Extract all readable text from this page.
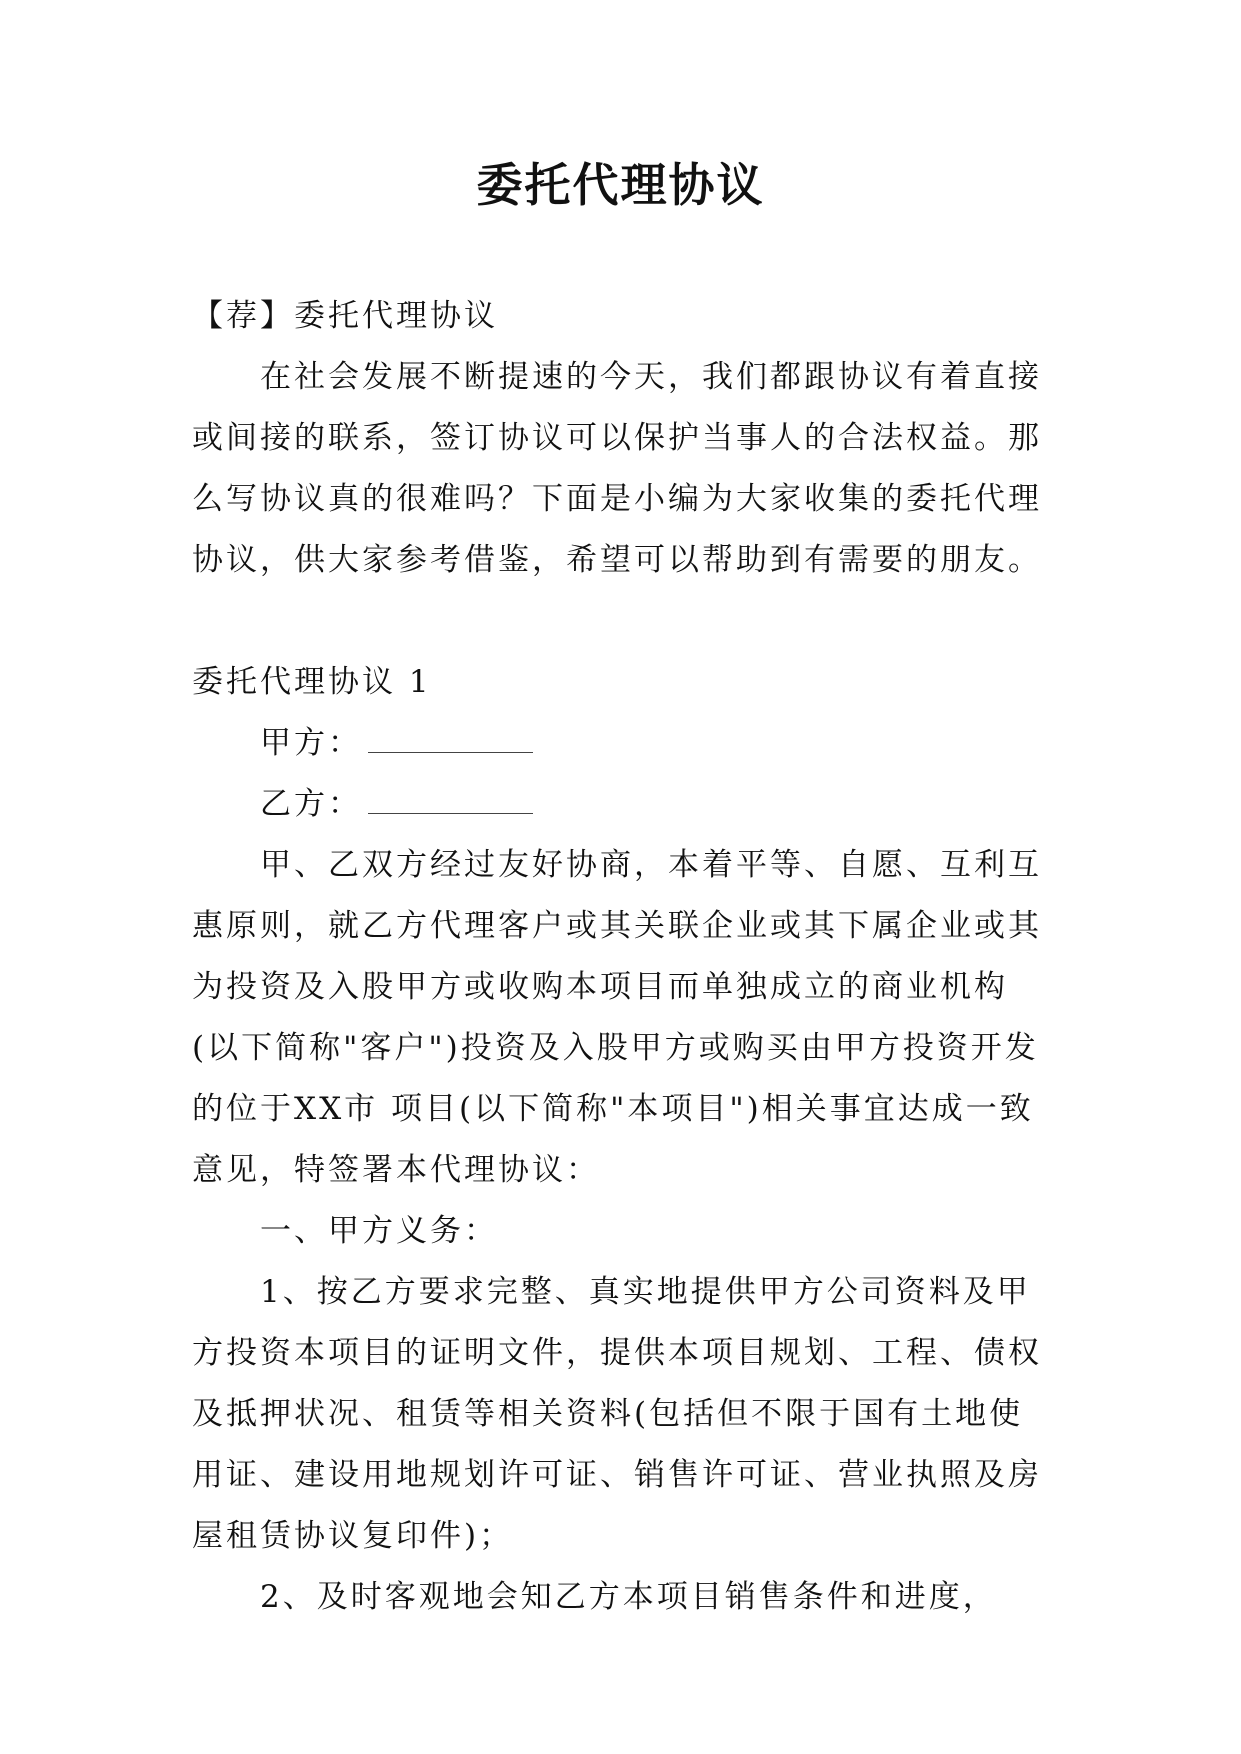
委托代理协议

【荐】委托代理协议

在社会发展不断提速的今天，我们都跟协议有着直接或间接的联系，签订协议可以保护当事人的合法权益。那么写协议真的很难吗？下面是小编为大家收集的委托代理协议，供大家参考借鉴，希望可以帮助到有需要的朋友。

委托代理协议 1

甲方：

乙方：

甲、乙双方经过友好协商，本着平等、自愿、互利互惠原则，就乙方代理客户或其关联企业或其下属企业或其为投资及入股甲方或收购本项目而单独成立的商业机构(以下简称"客户")投资及入股甲方或购买由甲方投资开发的位于XX市 项目(以下简称"本项目")相关事宜达成一致意见，特签署本代理协议：

一、甲方义务：

1、按乙方要求完整、真实地提供甲方公司资料及甲方投资本项目的证明文件，提供本项目规划、工程、债权及抵押状况、租赁等相关资料(包括但不限于国有土地使用证、建设用地规划许可证、销售许可证、营业执照及房屋租赁协议复印件)；

2、及时客观地会知乙方本项目销售条件和进度，
